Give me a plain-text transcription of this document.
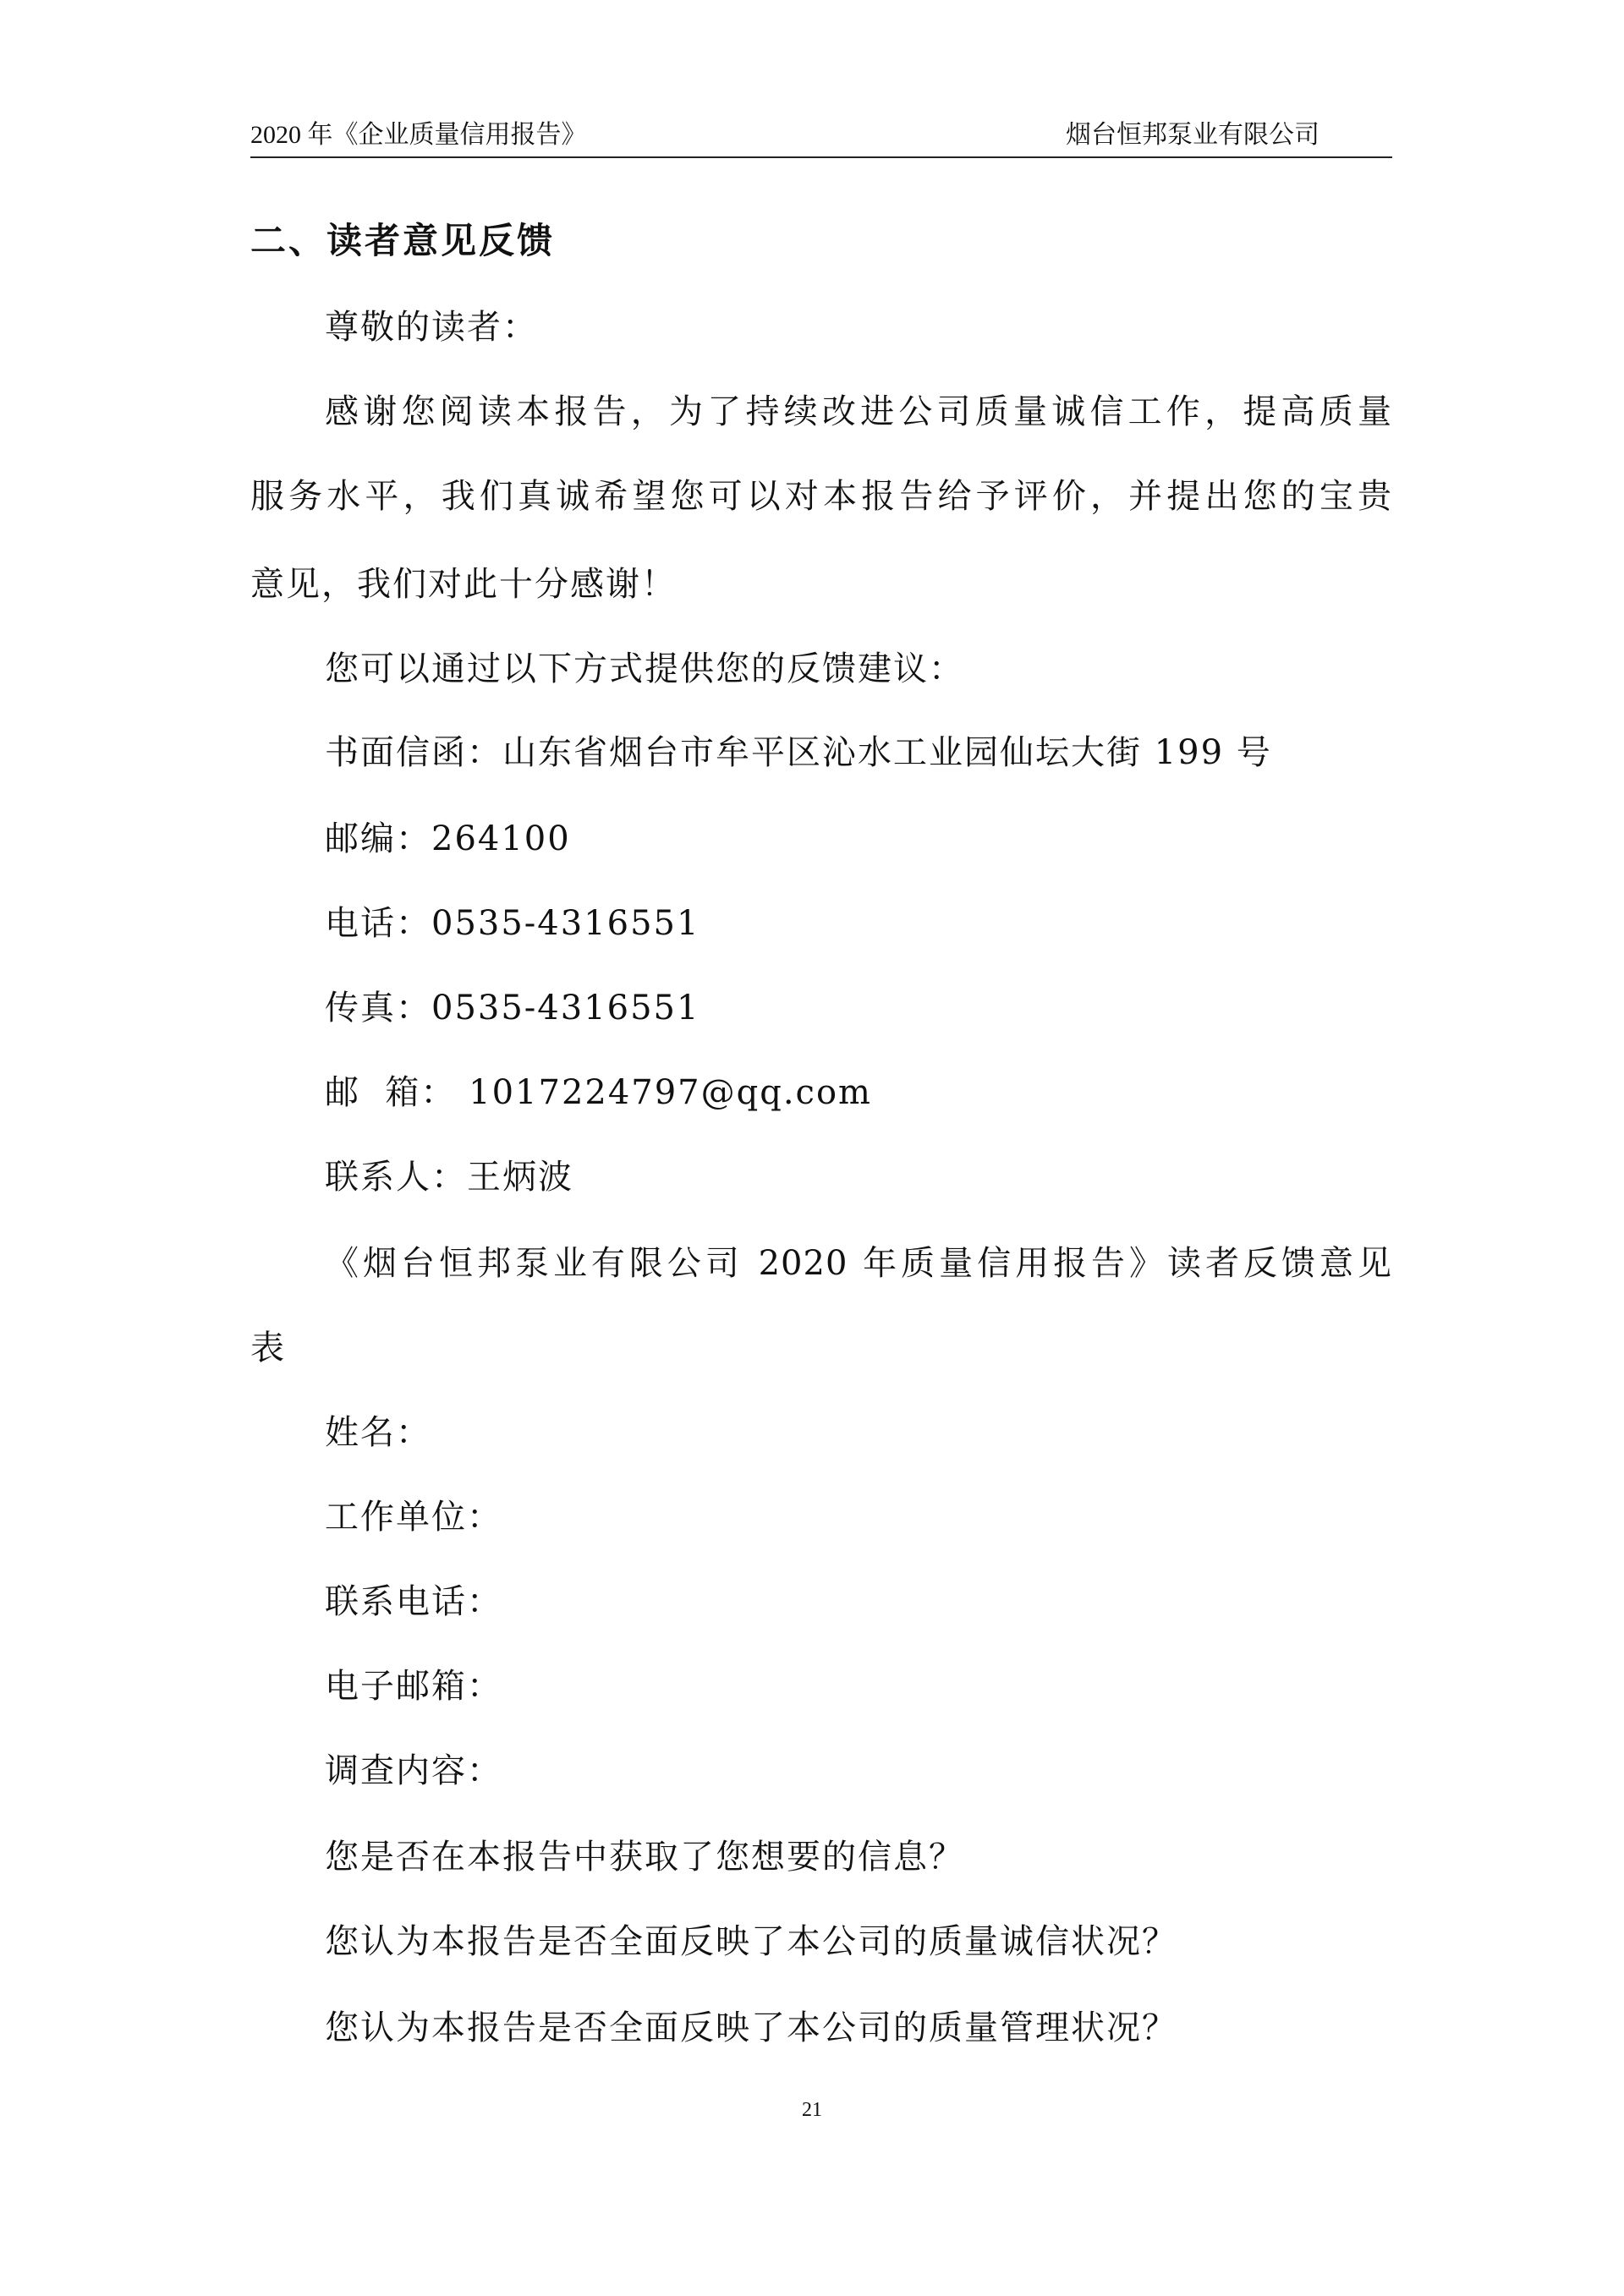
2020 年《企业质量信用报告》	烟台恒邦泵业有限公司
二、读者意见反馈
尊敬的读者：
感谢您阅读本报告，为了持续改进公司质量诚信工作，提高质量
服务水平，我们真诚希望您可以对本报告给予评价，并提出您的宝贵
意见，我们对此十分感谢！
您可以通过以下方式提供您的反馈建议：
书面信函：山东省烟台市牟平区沁水工业园仙坛大街 199 号
邮编：264100
电话：0535-4316551
传真：0535-4316551
邮  箱： 1017224797@qq.com
联系人：王炳波
《烟台恒邦泵业有限公司 2020 年质量信用报告》读者反馈意见
表
姓名：
工作单位：
联系电话：
电子邮箱：
调查内容：
您是否在本报告中获取了您想要的信息？
您认为本报告是否全面反映了本公司的质量诚信状况？
您认为本报告是否全面反映了本公司的质量管理状况？
21
